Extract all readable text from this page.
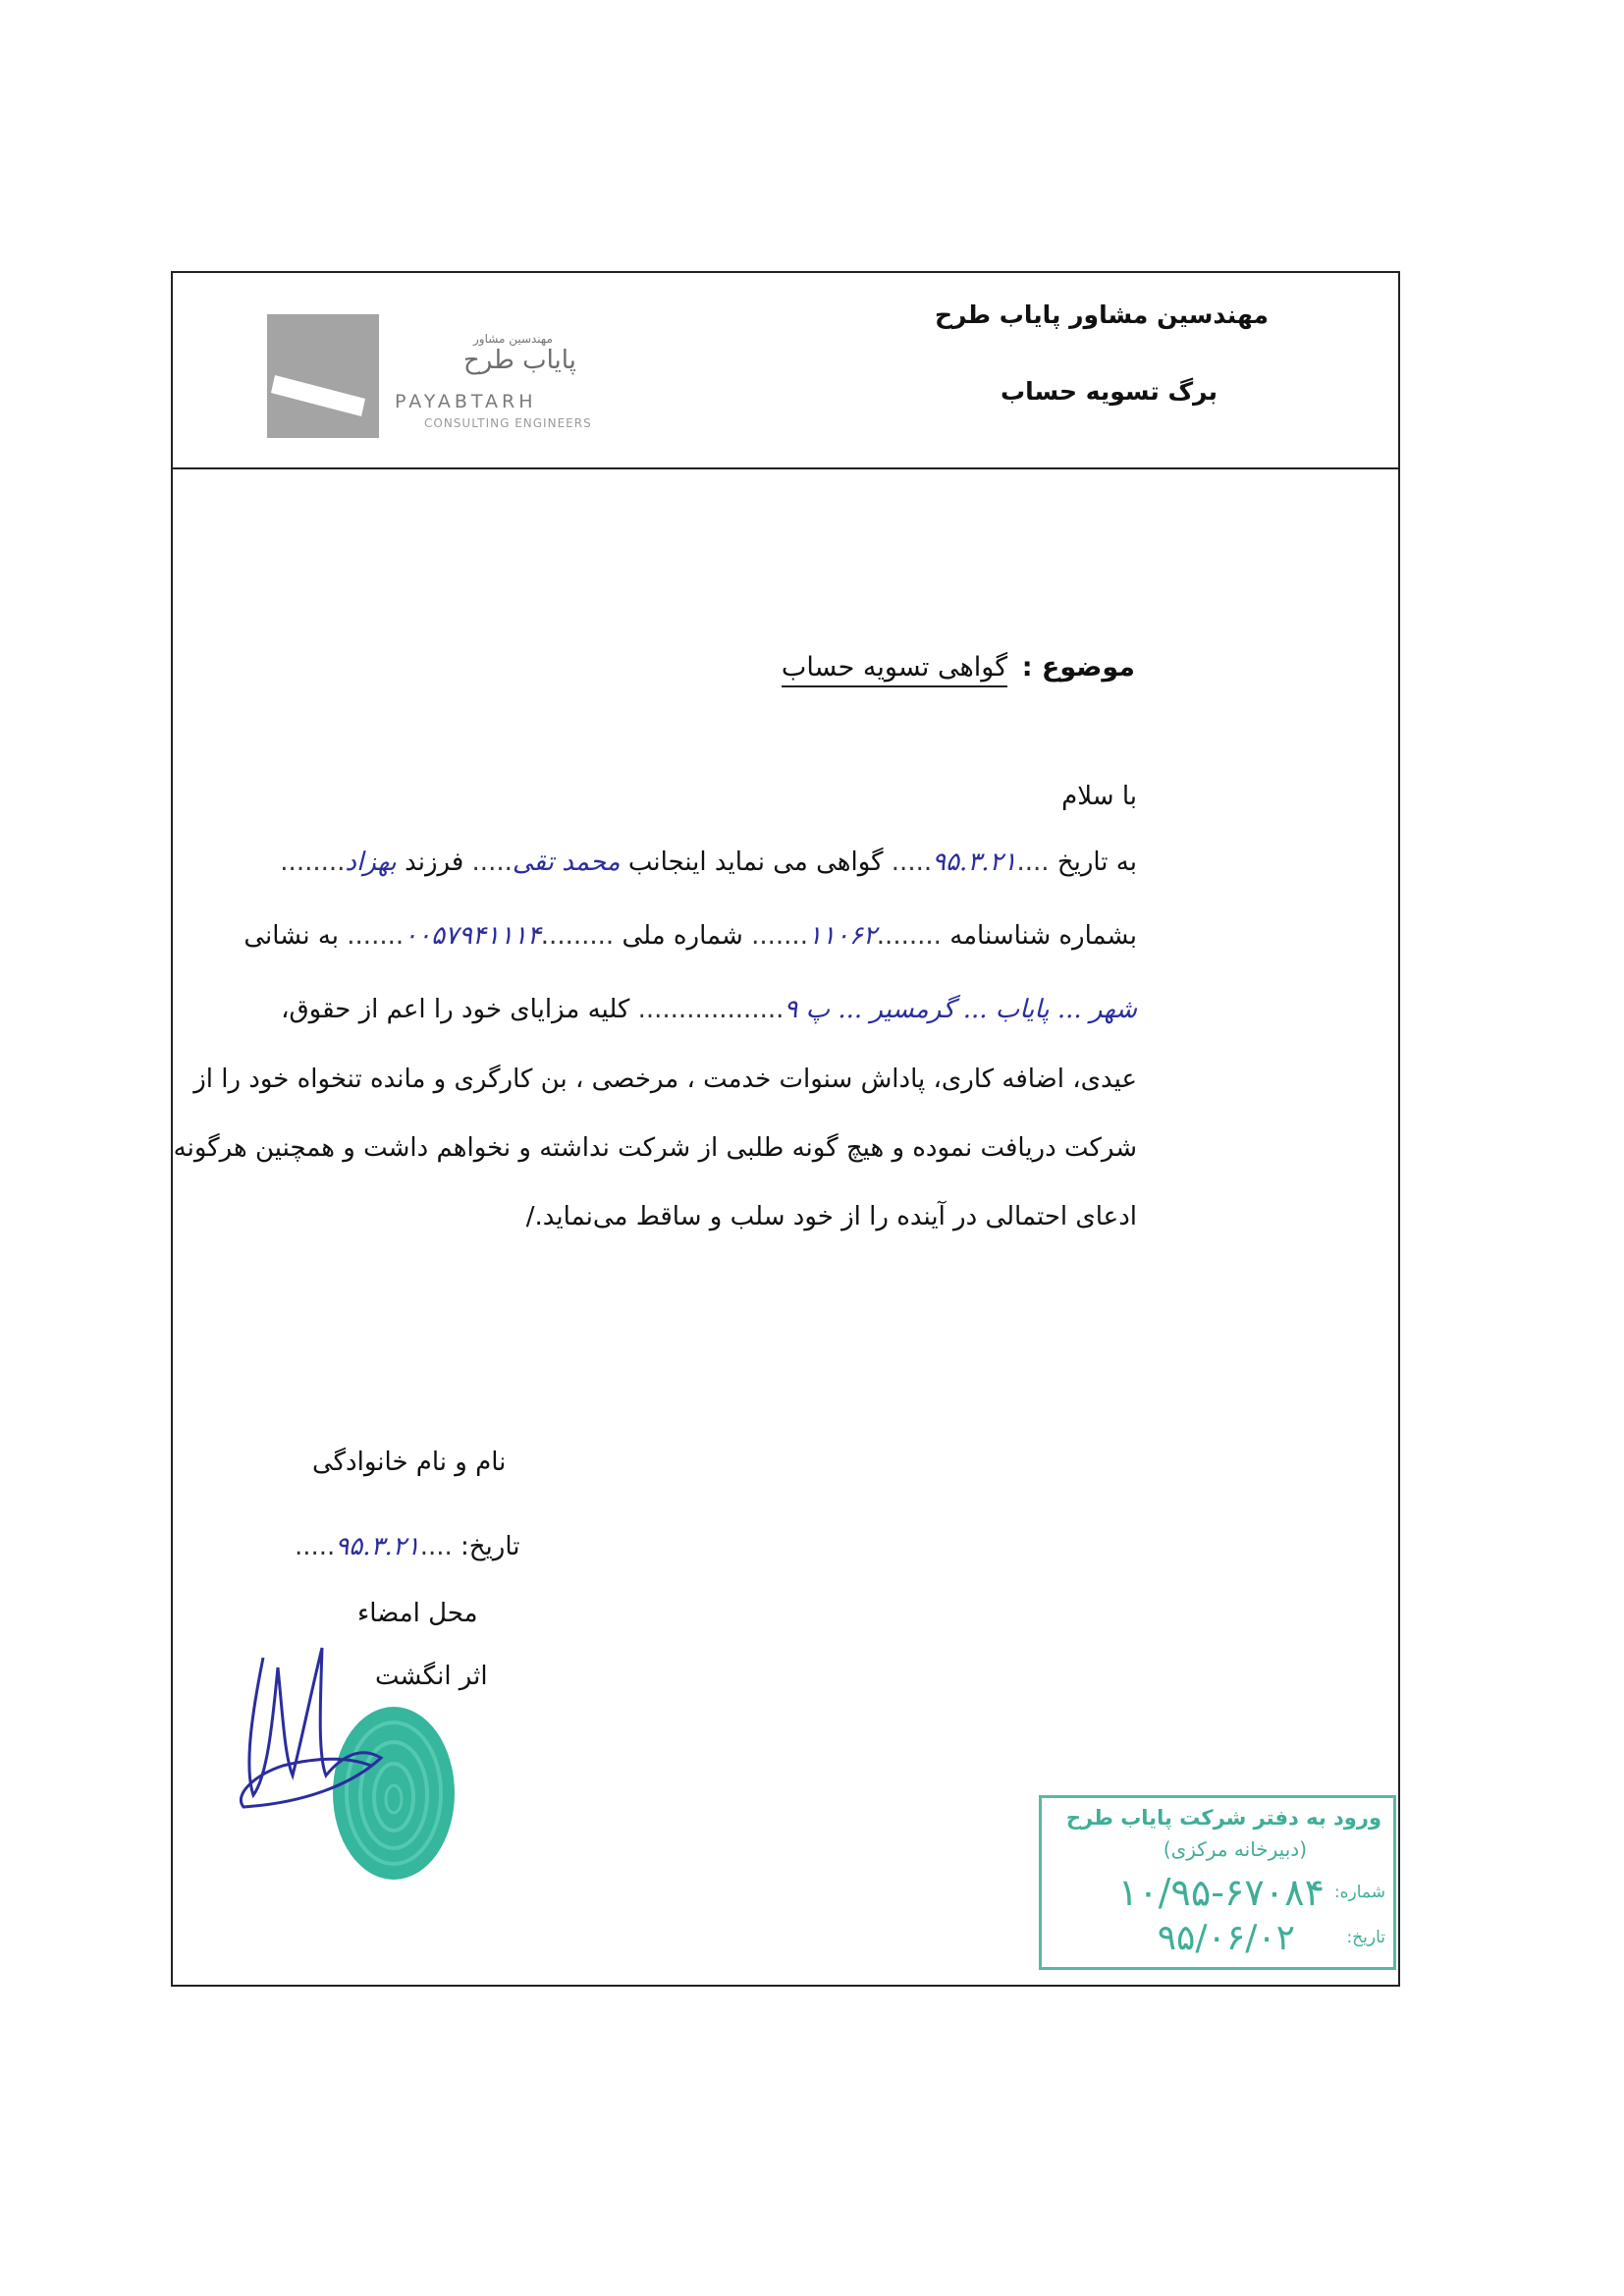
مهندسین مشاور
پایاب طرح
PAYABTARH
CONSULTING ENGINEERS
مهندسین مشاور پایاب طرح
برگ تسویه حساب
موضوع : گواهی تسویه حساب
با سلام
به تاریخ ....۹۵.۳.۲۱..... گواهی می نماید اینجانب محمد تقی..... فرزند بهزاد........
بشماره شناسنامه ........۱۱۰۶۲....... شماره ملی .........۰۰۵۷۹۴۱۱۱۴....... به نشانی
شهر ... پایاب ... گرمسیر ... پ ۹.................. کلیه مزایای خود را اعم از حقوق،
عیدی، اضافه کاری، پاداش سنوات خدمت ، مرخصی ، بن کارگری و مانده تنخواه خود را از
شرکت دریافت نموده و هیچ گونه طلبی از شرکت نداشته و نخواهم داشت و همچنین هرگونه
ادعای احتمالی در آینده را از خود سلب و ساقط می‌نماید./
نام و نام خانوادگی
تاریخ: ....۹۵.۳.۲۱.....
محل امضاء
اثر انگشت
ورود به دفتر شرکت پایاب طرح
(دبیرخانه مرکزی)
شماره:
تاریخ:
۱۰/۹۵-۶۷۰۸۴
۹۵/۰۶/۰۲
